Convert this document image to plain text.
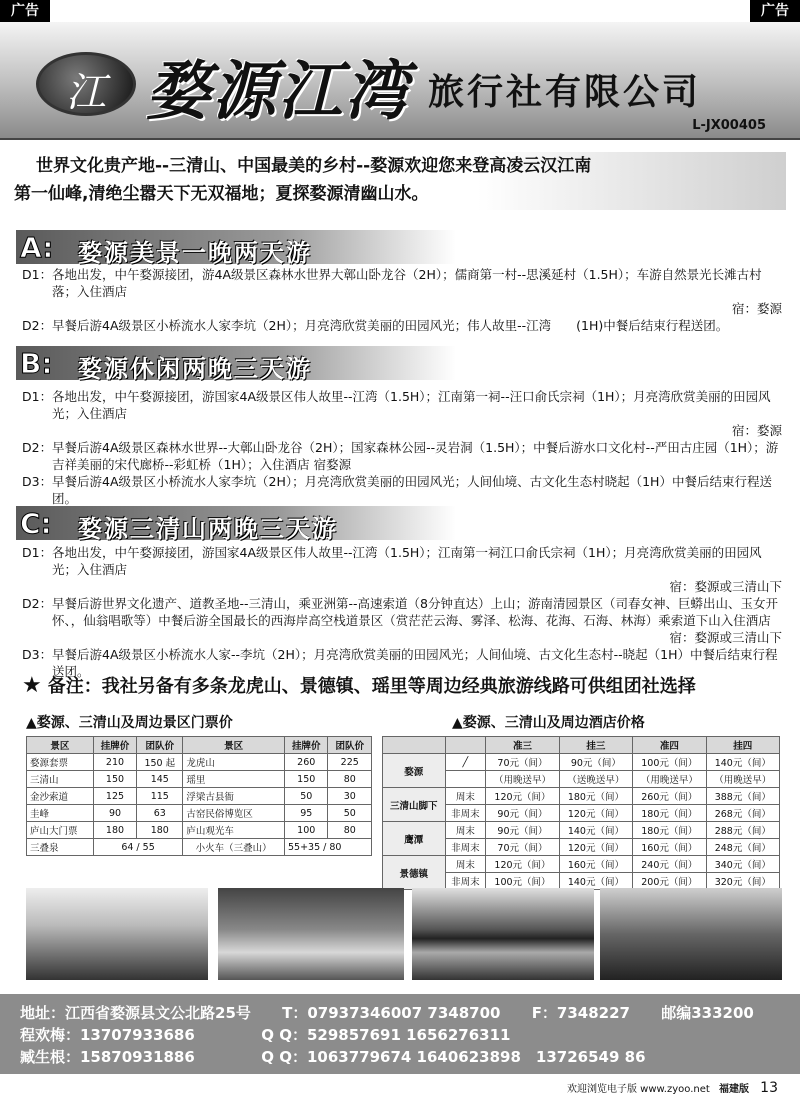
广告	广告
江 婺源江湾 旅行社有限公司
L-JX00405

世界文化贵产地--三清山、中国最美的乡村--婺源欢迎您来登高凌云汉江南

第一仙峰,清绝尘嚣天下无双福地；夏探婺源清幽山水。

A: 婺源美景一晚两天游
D1： 各地出发，中午婺源接团，游4A级景区森林水世界大鄣山卧龙谷（2H）；儒商第一村--思溪延村（1.5H）；车游自然景光长滩古村落；入住酒店
宿：婺源
D2： 早餐后游4A级景区小桥流水人家李坑（2H）；月亮湾欣赏美丽的田园风光；伟人故里--江湾　　(1H)中餐后结束行程送团。
B: 婺源休闲两晚三天游
D1： 各地出发，中午婺源接团，游国家4A级景区伟人故里--江湾（1.5H）；江南第一祠--汪口俞氏宗祠（1H）；月亮湾欣赏美丽的田园风光；入住酒店
宿：婺源
D2： 早餐后游4A级景区森林水世界--大鄣山卧龙谷（2H）；国家森林公园--灵岩洞（1.5H）；中餐后游水口文化村--严田古庄园（1H）；游吉祥美丽的宋代廊桥--彩虹桥（1H）；入住酒店 宿婺源
D3： 早餐后游4A级景区小桥流水人家李坑（2H）；月亮湾欣赏美丽的田园风光；人间仙境、古文化生态村晓起（1H）中餐后结束行程送团。
C: 婺源三清山两晚三天游
D1： 各地出发，中午婺源接团，游国家4A级景区伟人故里--江湾（1.5H）；江南第一祠江口俞氏宗祠（1H）；月亮湾欣赏美丽的田园风光；入住酒店
宿：婺源或三清山下
D2： 早餐后游世界文化遗产、道教圣地--三清山，乘亚洲第--高速索道（8分钟直达）上山；游南清园景区（司春女神、巨蟒出山、玉女开怀、，仙翁唱歌等）中餐后游全国最长的西海岸高空栈道景区（赏茫茫云海、雾泽、松海、花海、石海、林海）乘索道下山入住酒店
宿：婺源或三清山下
D3： 早餐后游4A级景区小桥流水人家--李坑（2H）；月亮湾欣赏美丽的田园风光；人间仙境、古文化生态村--晓起（1H）中餐后结束行程送团。
★ 备注：我社另备有多条龙虎山、景德镇、瑶里等周边经典旅游线路可供组团社选择
▲婺源、三清山及周边景区门票价
景区	挂牌价	团队价	景区	挂牌价	团队价
婺源套票	210	150 起	龙虎山	260	225
三清山	150	145	瑶里	150	80
金沙索道	125	115	浮梁古县衙	50	30
圭峰	90	63	古窑民俗博览区	95	50
庐山大门票	180	180	庐山观光车	100	80
三叠泉	64 / 55		小火车（三叠山）	55+35 / 80	
▲婺源、三清山及周边酒店价格
		准三	挂三	准四	挂四
婺源	╱	70元（间）	90元（间）	100元（间）	140元（间）
		（用晚送早）	（送晚送早）	（用晚送早）	（用晚送早）
三清山脚下	周末	120元（间）	180元（间）	260元（间）	388元（间）
	非周末	90元（间）	120元（间）	180元（间）	268元（间）
鹰潭	周末	90元（间）	140元（间）	180元（间）	288元（间）
	非周末	70元（间）	120元（间）	160元（间）	248元（间）
景德镇	周末	120元（间）	160元（间）	240元（间）	340元（间）
	非周末	100元（间）	140元（间）	200元（间）	320元（间）
地址：江西省婺源县文公北路25号 T：07937346007 7348700 F：7348227 邮编333200
程欢梅：13707933686	Q Q：529857691 1656276311
臧生根：15870931886	Q Q：1063779674 1640623898　13726549 86
欢迎浏览电子版 www.zyoo.net 福建版 13
